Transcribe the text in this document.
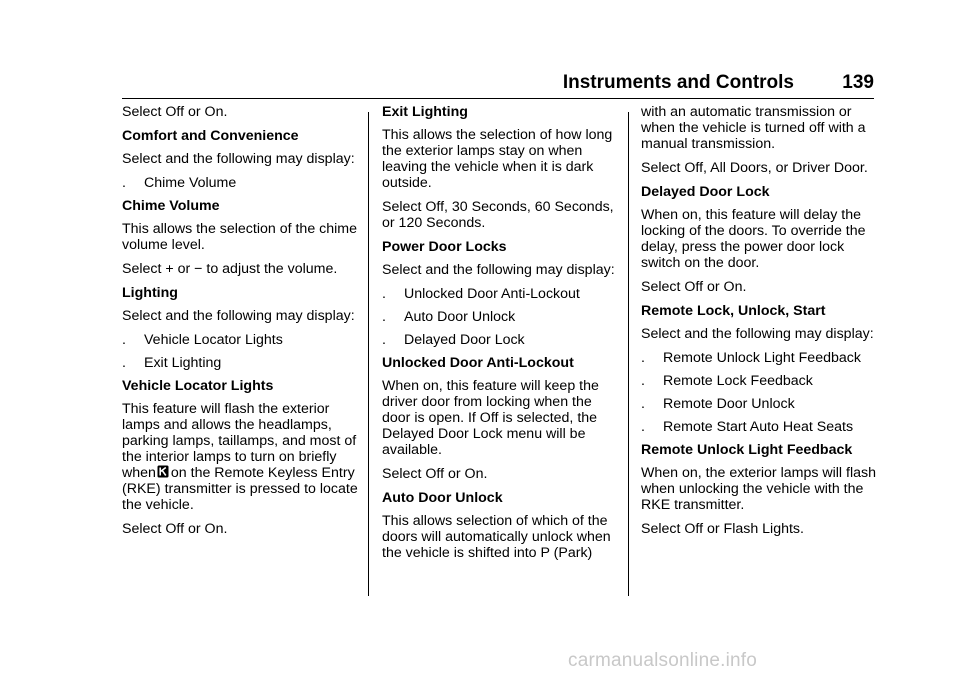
Instruments and Controls	139

Select Off or On.

Comfort and Convenience

Select and the following may display:

.	Chime Volume

Chime Volume

This allows the selection of the chime volume level.

Select + or − to adjust the volume.

Lighting

Select and the following may display:

.	Vehicle Locator Lights
.	Exit Lighting

Vehicle Locator Lights

This feature will flash the exterior lamps and allows the headlamps, parking lamps, taillamps, and most of the interior lamps to turn on briefly when on the Remote Keyless Entry (RKE) transmitter is pressed to locate the vehicle.

Select Off or On.

Exit Lighting

This allows the selection of how long the exterior lamps stay on when leaving the vehicle when it is dark outside.

Select Off, 30 Seconds, 60 Seconds, or 120 Seconds.

Power Door Locks

Select and the following may display:

.	Unlocked Door Anti-Lockout
.	Auto Door Unlock
.	Delayed Door Lock

Unlocked Door Anti-Lockout

When on, this feature will keep the driver door from locking when the door is open. If Off is selected, the Delayed Door Lock menu will be available.

Select Off or On.

Auto Door Unlock

This allows selection of which of the doors will automatically unlock when the vehicle is shifted into P (Park)

with an automatic transmission or when the vehicle is turned off with a manual transmission.

Select Off, All Doors, or Driver Door.

Delayed Door Lock

When on, this feature will delay the locking of the doors. To override the delay, press the power door lock switch on the door.

Select Off or On.

Remote Lock, Unlock, Start

Select and the following may display:

.	Remote Unlock Light Feedback
.	Remote Lock Feedback
.	Remote Door Unlock
.	Remote Start Auto Heat Seats

Remote Unlock Light Feedback

When on, the exterior lamps will flash when unlocking the vehicle with the RKE transmitter.

Select Off or Flash Lights.

carmanualsonline.info
